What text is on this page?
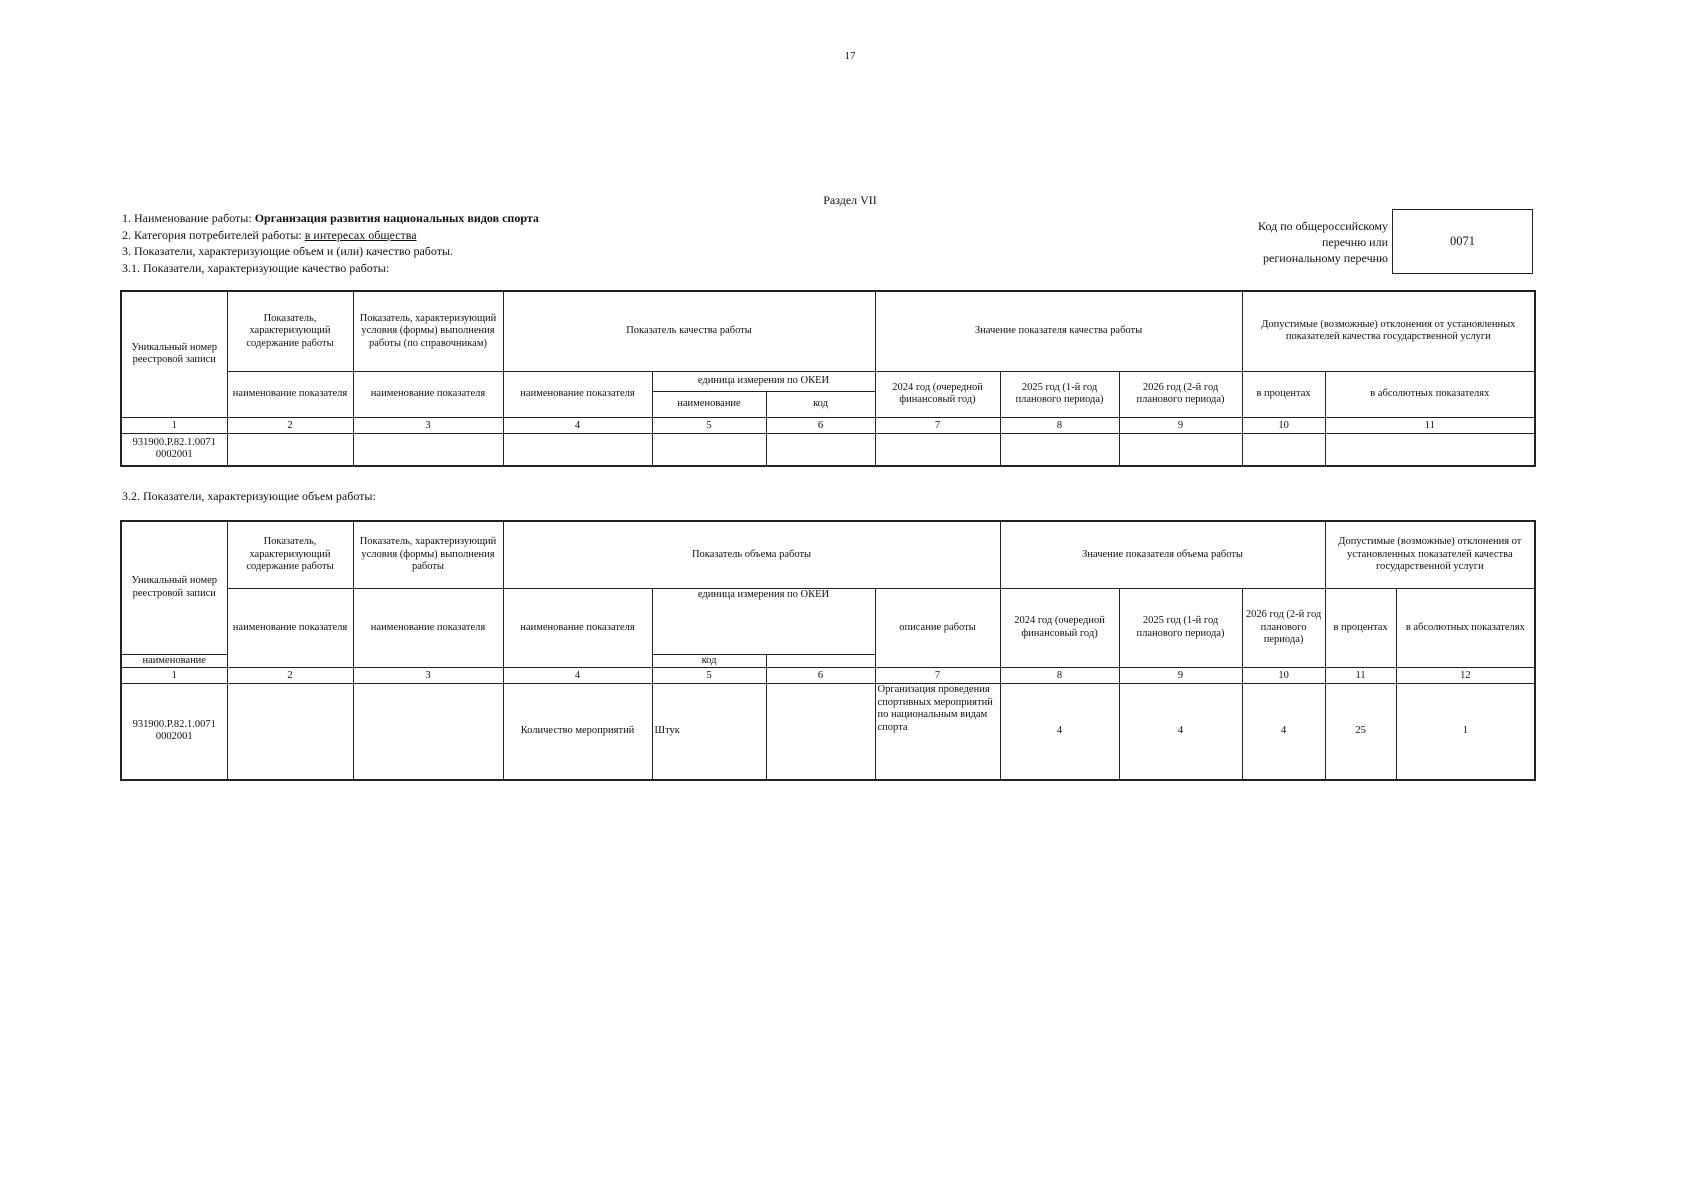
17
Раздел VII
1. Наименование работы: Организация развития национальных видов спорта
2. Категория потребителей работы: в интересах общества
3. Показатели, характеризующие объем и (или) качество работы.
3.1. Показатели, характеризующие качество работы:
Код по общероссийскому
перечню или
региональному перечню
0071
Уникальный номер реестровой записи	Показатель, характеризующий содержание работы	Показатель, характеризующий условия (формы) выполнения работы (по справочникам)	Показатель качества работы			Значение показателя качества работы			Допустимые (возможные) отклонения от установленных показателей качества государственной услуги	
	наименование показателя	наименование показателя	наименование показателя	единица измерения по ОКЕИ		2024 год (очередной финансовый год)	2025 год (1-й год планового периода)	2026 год (2-й год планового периода)	в процентах	в абсолютных показателях
				наименование	код					
1	2	3	4	5	6	7	8	9	10	11
931900.Р.82.1.0071 0002001										
3.2. Показатели, характеризующие объем работы:
Уникальный номер реестровой записи	Показатель, характеризующий содержание работы	Показатель, характеризующий условия (формы) выполнения работы	Показатель объема работы				Значение показателя объема работы			Допустимые (возможные) отклонения от установленных показателей качества государственной услуги	
	наименование показателя	наименование показателя	наименование показателя	единица измерения по ОКЕИ		описание работы	2024 год (очередной финансовый год)	2025 год (1-й год планового периода)	2026 год (2-й год планового периода)	в процентах	в абсолютных показателях
наименование				код							
1	2	3	4	5	6	7	8	9	10	11	12
931900.Р.82.1.0071 0002001			Количество мероприятий	Штук		Организация проведения спортивных мероприятий по национальным видам спорта	4	4	4	25	1
